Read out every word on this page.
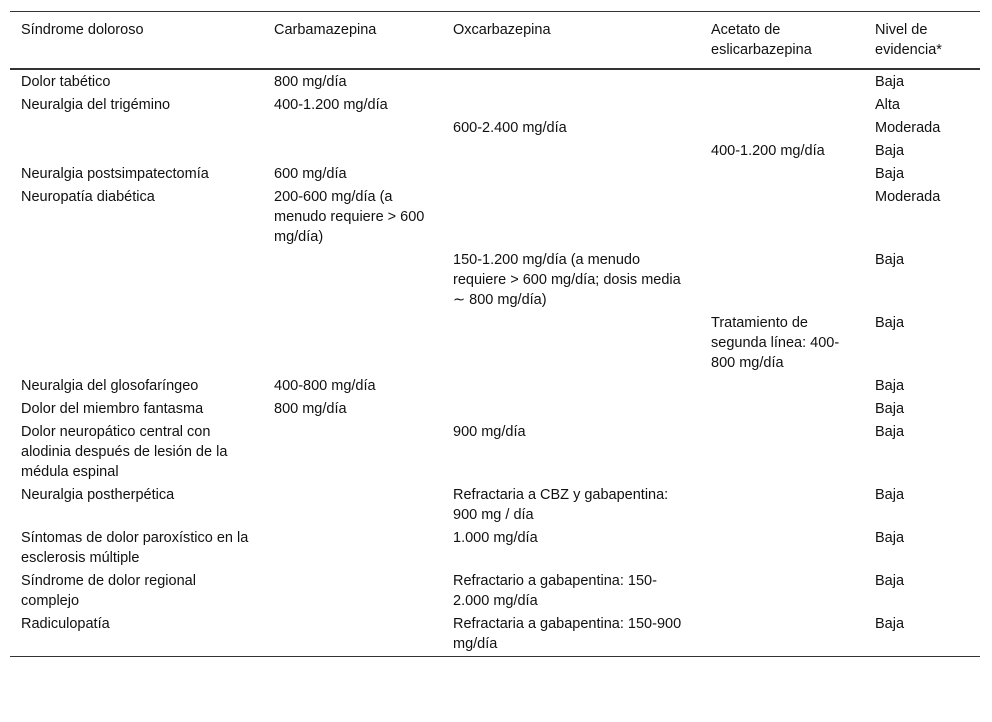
Síndrome doloroso	Carbamazepina	Oxcarbazepina	Acetato de eslicarbazepina	Nivel de evidencia*
Dolor tabético	800 mg/día			Baja
Neuralgia del trigémino	400-1.200 mg/día			Alta
		600-2.400 mg/día		Moderada
			400-1.200 mg/día	Baja
Neuralgia postsimpatectomía	600 mg/día			Baja
Neuropatía diabética	200-600 mg/día (a menudo requiere > 600 mg/día)			Moderada
		150-1.200 mg/día (a menudo requiere > 600 mg/día; dosis media ∼ 800 mg/día)		Baja
			Tratamiento de segunda línea: 400-800 mg/día	Baja
Neuralgia del glosofaríngeo	400-800 mg/día			Baja
Dolor del miembro fantasma	800 mg/día			Baja
Dolor neuropático central con alodinia después de lesión de la médula espinal		900 mg/día		Baja
Neuralgia postherpética		Refractaria a CBZ y gabapentina: 900 mg / día		Baja
Síntomas de dolor paroxístico en la esclerosis múltiple		1.000 mg/día		Baja
Síndrome de dolor regional complejo		Refractario a gabapentina: 150-2.000 mg/día		Baja
Radiculopatía		Refractaria a gabapentina: 150-900 mg/día		Baja
